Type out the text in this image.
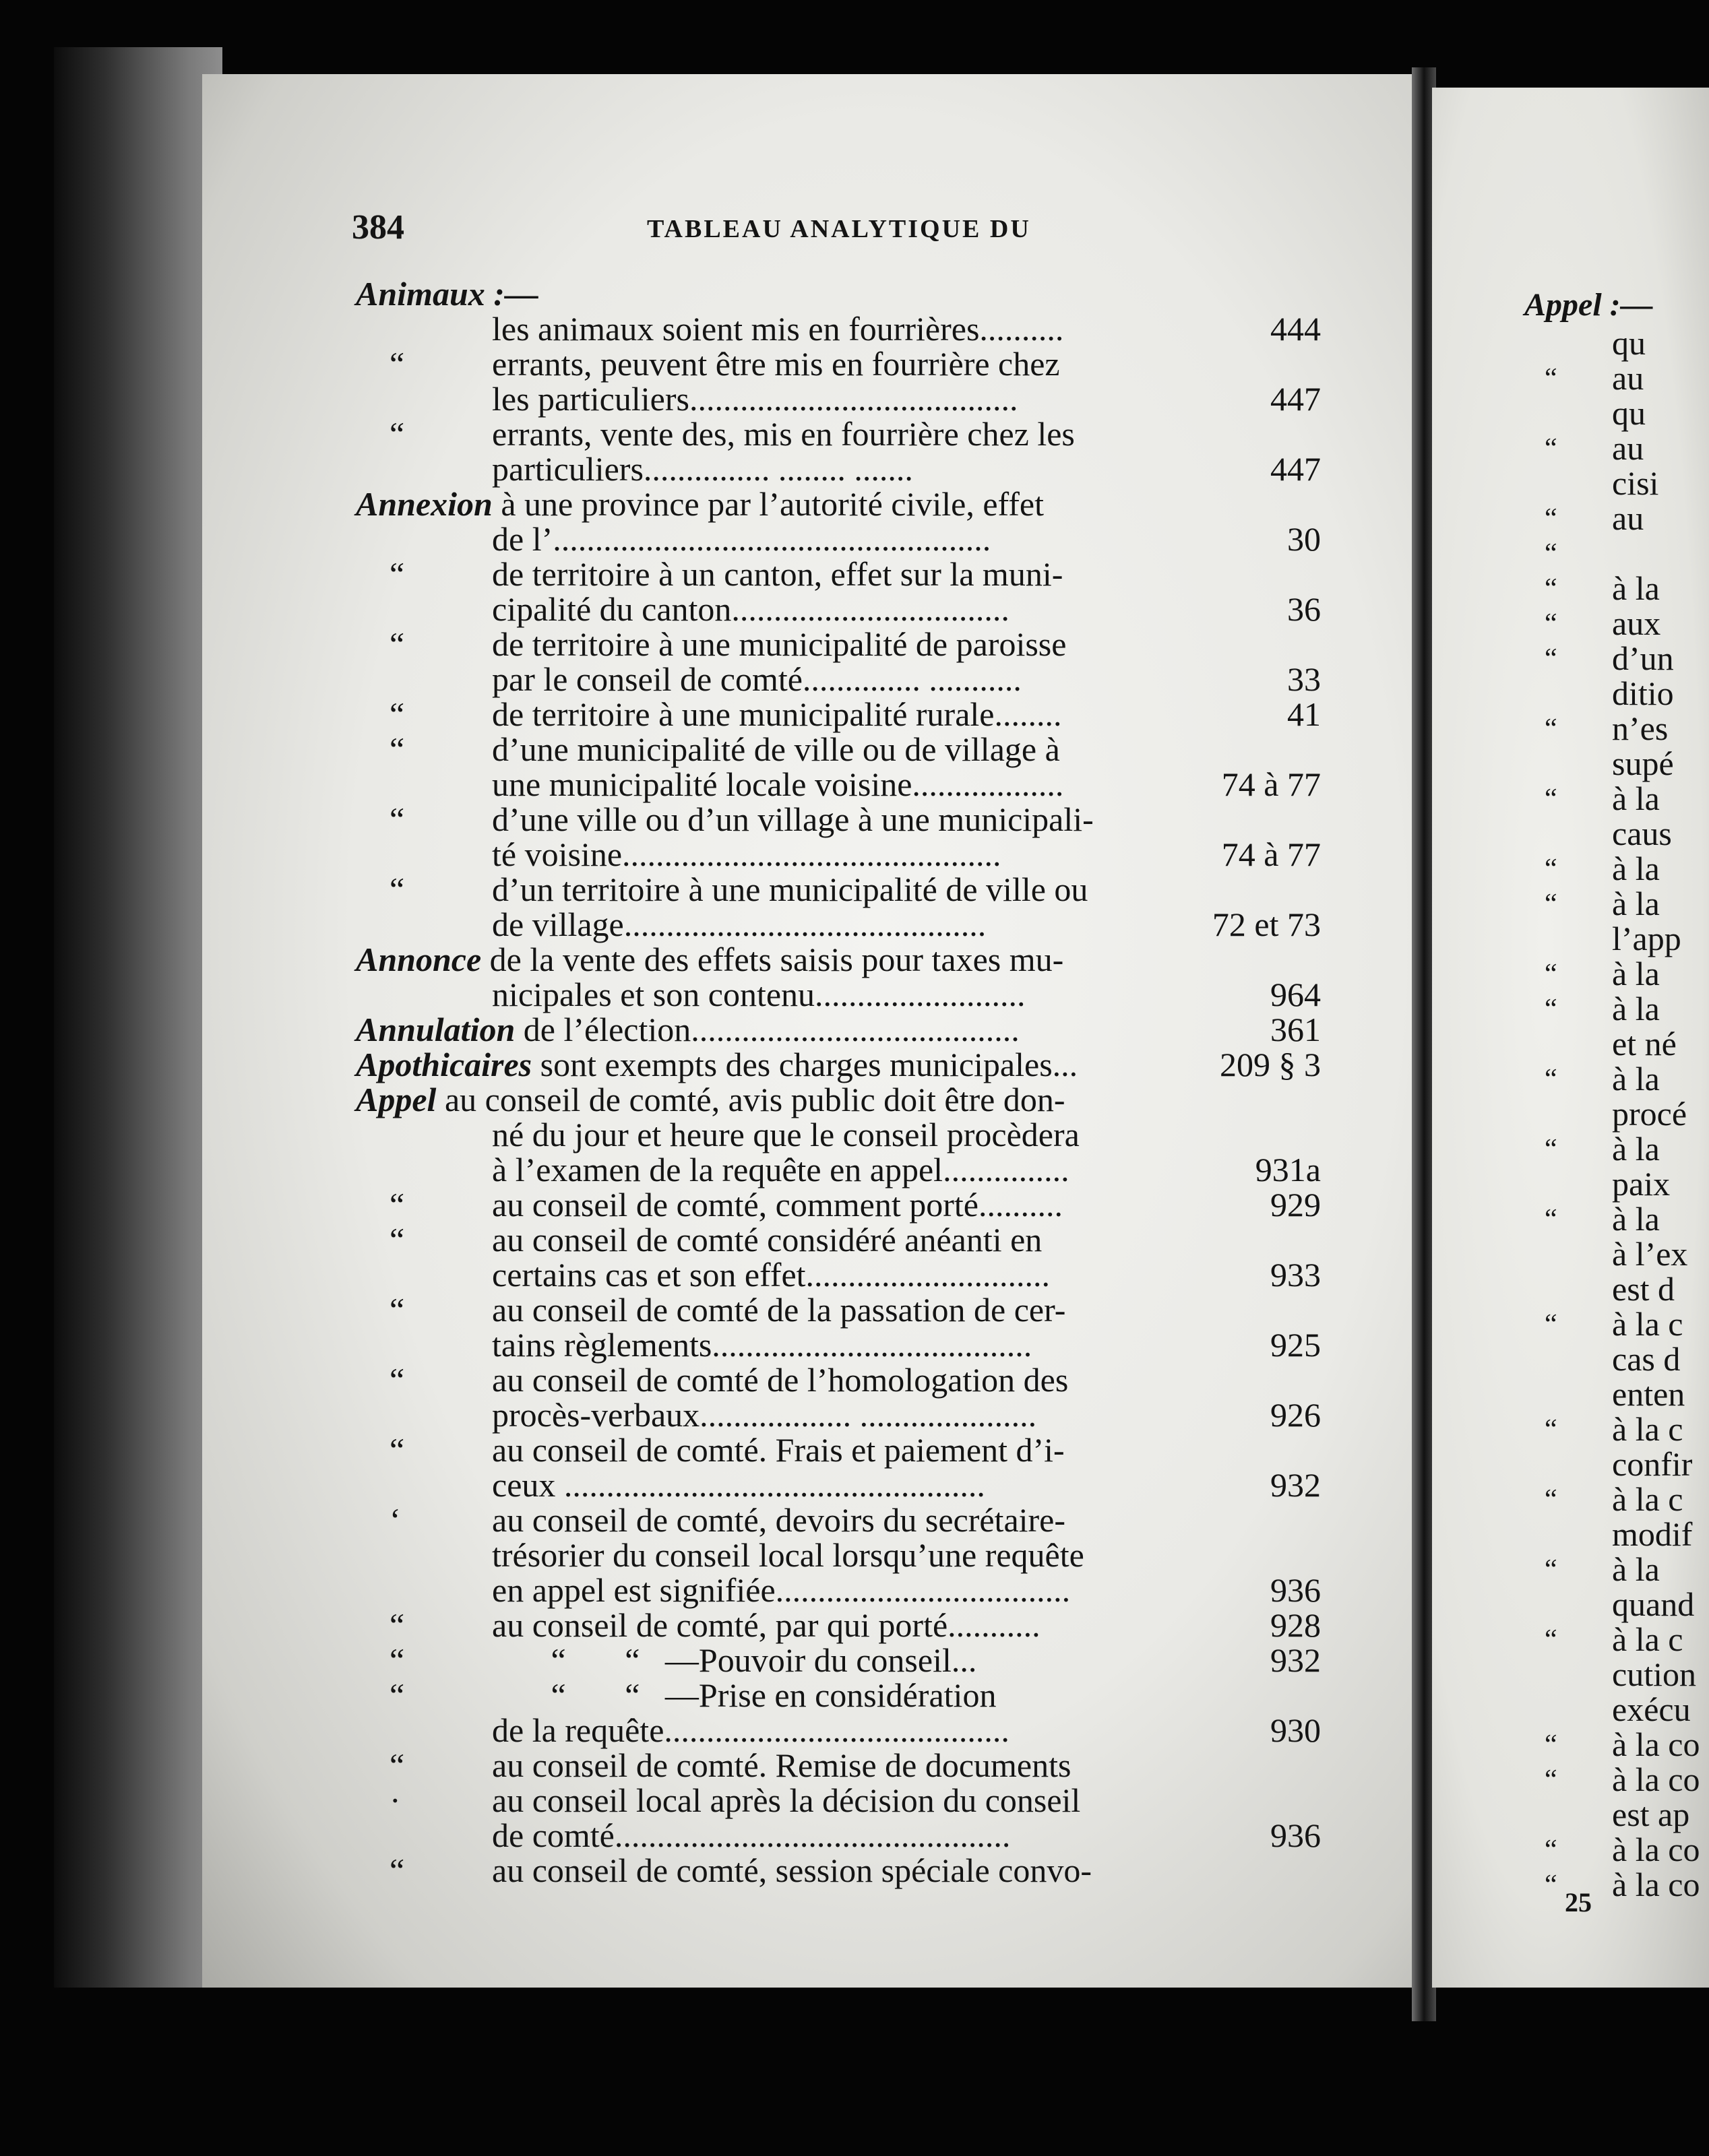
384	TABLEAU ANALYTIQUE DU
Animaux :—
les animaux soient mis en fourrières..........	444
“	errants, peuvent être mis en fourrière chez
les particuliers.......................................	447
“	errants, vente des, mis en fourrière chez les
particuliers............... ........ .......	447
Annexion à une province par l’autorité civile, effet
de l’....................................................	30
“	de territoire à un canton, effet sur la muni-
cipalité du canton.................................	36
“	de territoire à une municipalité de paroisse
par le conseil de comté.............. ...........	33
“	de territoire à une municipalité rurale........	41
“	d’une municipalité de ville ou de village à
une municipalité locale voisine..................	74 à 77
“	d’une ville ou d’un village à une municipali-
té voisine.............................................	74 à 77
“	d’un territoire à une municipalité de ville ou
de village...........................................	72 et 73
Annonce de la vente des effets saisis pour taxes mu-
nicipales et son contenu.........................	964
Annulation de l’élection.......................................	361
Apothicaires sont exempts des charges municipales...	209 § 3
Appel au conseil de comté, avis public doit être don-
né du jour et heure que le conseil procèdera
à l’examen de la requête en appel...............	931a
“	au conseil de comté, comment porté..........	929
“	au conseil de comté considéré anéanti en
certains cas et son effet.............................	933
“	au conseil de comté de la passation de cer-
tains règlements......................................	925
“	au conseil de comté de l’homologation des
procès-verbaux.................. .....................	926
“	au conseil de comté. Frais et paiement d’i-
ceux ..................................................	932
‘	au conseil de comté, devoirs du secrétaire-
trésorier du conseil local lorsqu’une requête
en appel est signifiée...................................	936
“	au conseil de comté, par qui porté...........	928
“	“       “   —Pouvoir du conseil...	932
“	“       “   —Prise en considération
de la requête.........................................	930
“	au conseil de comté. Remise de documents
·	au conseil local après la décision du conseil
de comté...............................................	936
“	au conseil de comté, session spéciale convo-
Appel :—
qu
“ au
qu
“ au
cisi
“ au
“
“ à la
“ aux
“ d’un
ditio
“ n’es
supé
“ à la
caus
“ à la
“ à la
l’app
“ à la
“ à la
et né
“ à la
procé
“ à la
paix
“ à la
à l’ex
est d
“ à la c
cas d
enten
“ à la c
confir
“ à la c
modif
“ à la
quand
“ à la c
cution
exécu
“ à la co
“ à la co
est ap
“ à la co
“ à la co
25
